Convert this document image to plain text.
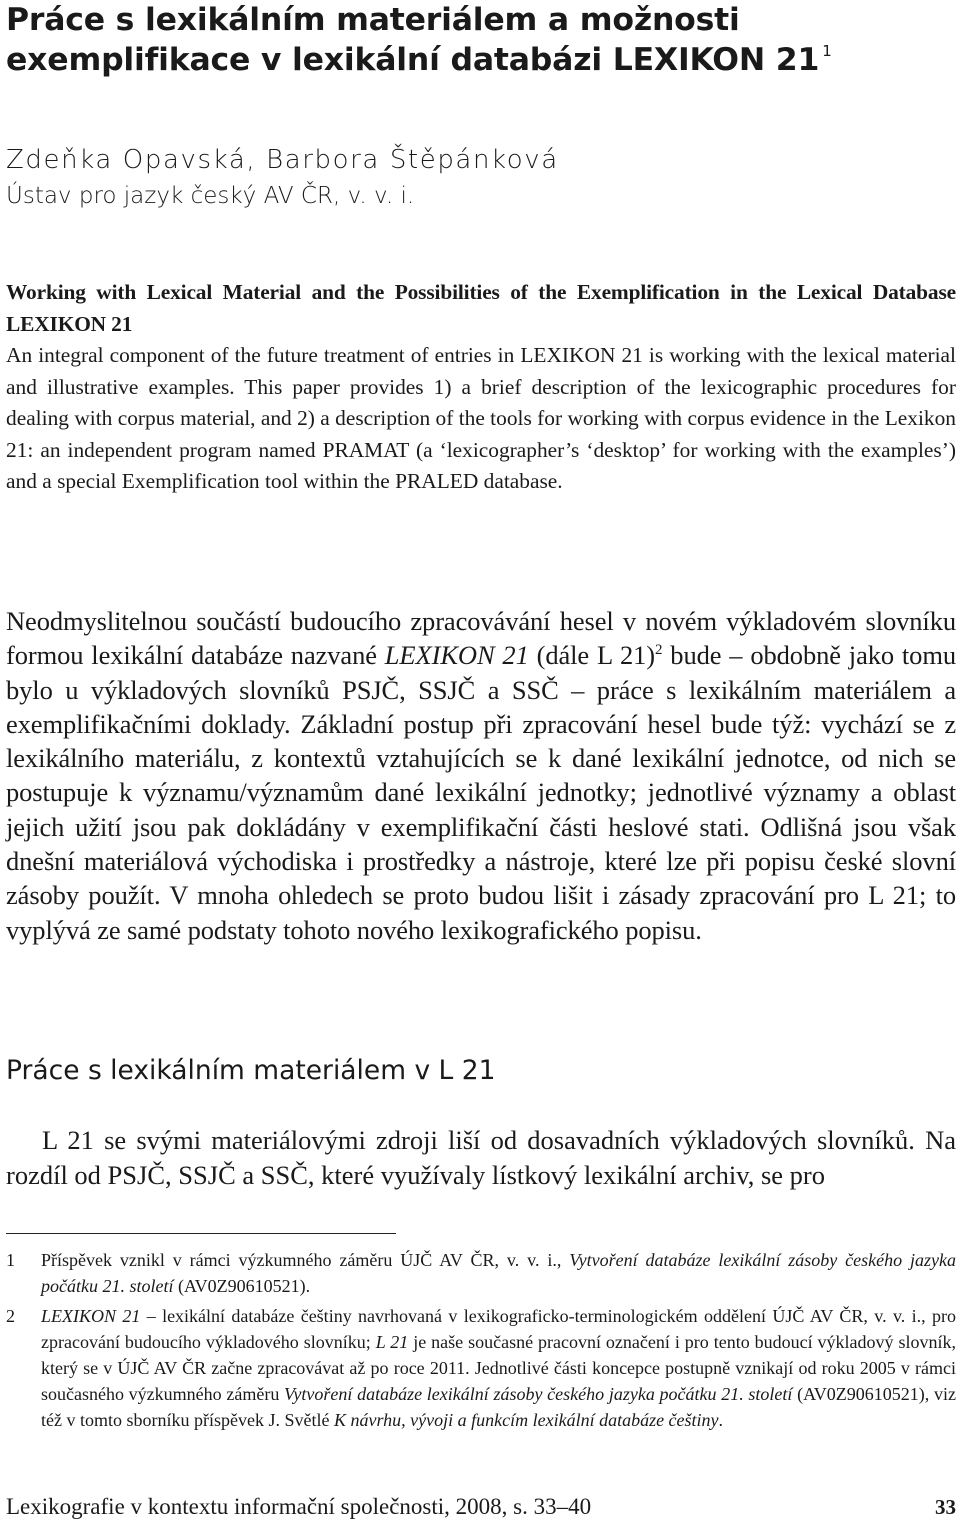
Práce s lexikálním materiálem a možnosti exemplifikace v lexikální databázi LEXIKON 21 $^1$
Zdeňka Opavská, Barbora Štěpánková
Ústav pro jazyk český AV ČR, v. v. i.
Working with Lexical Material and the Possibilities of the Exemplification in the Lexical Database LEXIKON 21
An integral component of the future treatment of entries in LEXIKON 21 is working with the lexical material and illustrative examples. This paper provides 1) a brief description of the lexicographic procedures for dealing with corpus material, and 2) a description of the tools for working with corpus evidence in the Lexikon 21: an independent program named PRAMAT (a ‘lexicographer’s ‘desktop’ for working with the examples’) and a special Exemplification tool within the PRALED database.
Neodmyslitelnou součástí budoucího zpracovávání hesel v novém výkladovém slovníku formou lexikální databáze nazvané LEXIKON 21 (dále L 21)$^2$ bude – obdobně jako tomu bylo u výkladových slovníků PSJČ, SSJČ a SSČ – práce s lexikálním materiálem a exemplifikačními doklady. Základní postup při zpracování hesel bude týž: vychází se z lexikálního materiálu, z kontextů vztahujících se k dané lexikální jednotce, od nich se postupuje k významu/významům dané lexikální jednotky; jednotlivé významy a oblast jejich užití jsou pak dokládány v exemplifikační části heslové stati. Odlišná jsou však dnešní materiálová východiska i prostředky a nástroje, které lze při popisu české slovní zásoby použít. V mnoha ohledech se proto budou lišit i zásady zpracování pro L 21; to vyplývá ze samé podstaty tohoto nového lexikografického popisu.
Práce s lexikálním materiálem v L 21
L 21 se svými materiálovými zdroji liší od dosavadních výkladových slovníků. Na rozdíl od PSJČ, SSJČ a SSČ, které využívaly lístkový lexikální archiv, se pro
1 Příspěvek vznikl v rámci výzkumného záměru ÚJČ AV ČR, v. v. i., Vytvoření databáze lexikální zásoby českého jazyka počátku 21. století (AV0Z90610521).
2 LEXIKON 21 – lexikální databáze češtiny navrhovaná v lexikograficko-terminologickém oddělení ÚJČ AV ČR, v. v. i., pro zpracování budoucího výkladového slovníku; L 21 je naše současné pracovní označení i pro tento budoucí výkladový slovník, který se v ÚJČ AV ČR začne zpracovávat až po roce 2011. Jednotlivé části koncepce postupně vznikají od roku 2005 v rámci současného výzkumného záměru Vytvoření databáze lexikální zásoby českého jazyka počátku 21. století (AV0Z90610521), viz též v tomto sborníku příspěvek J. Světlé K návrhu, vývoji a funkcím lexikální databáze češtiny.
Lexikografie v kontextu informační společnosti, 2008, s. 33–40	33
